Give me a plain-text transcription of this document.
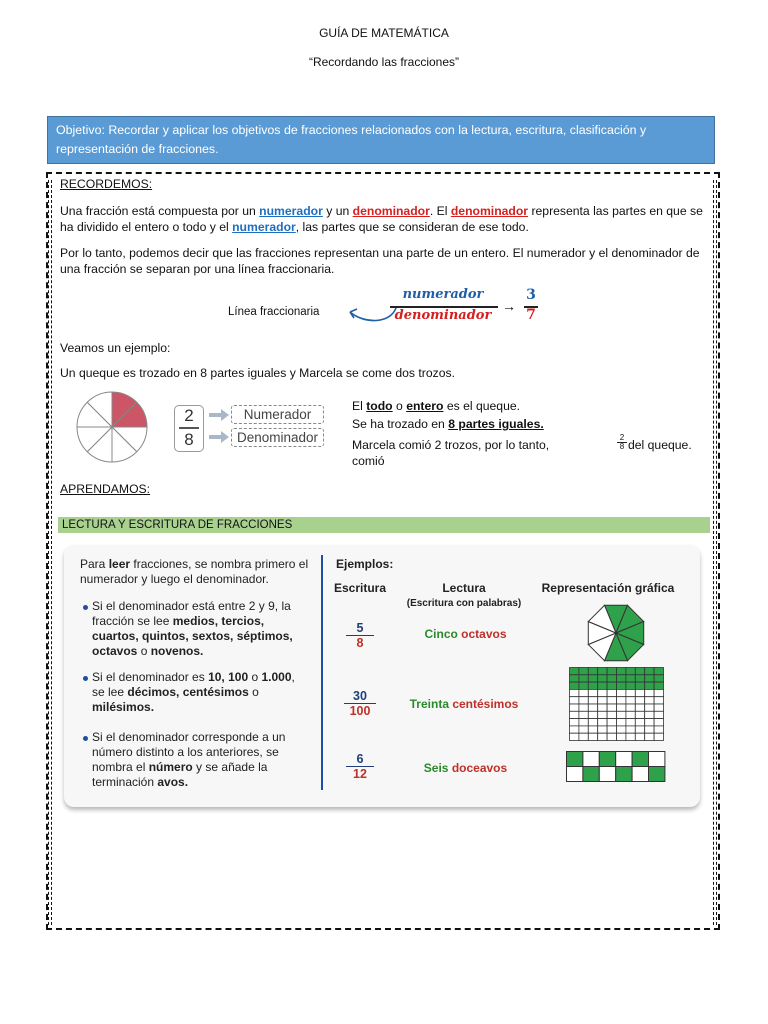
GUÍA DE MATEMÁTICA
“Recordando las fracciones”
Objetivo: Recordar y aplicar los objetivos de fracciones relacionados con la lectura, escritura, clasificación y representación de fracciones.
RECORDEMOS:
Una fracción está compuesta por un numerador y un denominador. El denominador representa las partes en que se ha dividido el entero o todo y el numerador, las partes que se consideran de ese todo.
Por lo tanto, podemos decir que las fracciones representan una parte de un entero. El numerador y el denominador de una fracción se separan por una línea fraccionaria.
Línea fraccionaria
numerador
denominador
→
3
7
Veamos un ejemplo:
Un queque es trozado en 8 partes iguales y Marcela se come dos trozos.
2
8
Numerador
Denominador
El todo o entero es el queque.
Se ha trozado en 8 partes iguales.
Marcela comió 2 trozos, por lo tanto, comió
2
8 del queque.
APRENDAMOS:
LECTURA Y ESCRITURA DE FRACCIONES
Para leer fracciones, se nombra primero el numerador y luego el denominador.
Si el denominador está entre 2 y 9, la fracción se lee medios, tercios, cuartos, quintos, sextos, séptimos, octavos o novenos.
Si el denominador es 10, 100 o 1.000, se lee décimos, centésimos o milésimos.
Si el denominador corresponde a un número distinto a los anteriores, se nombra el número y se añade la terminación avos.
Ejemplos:
Escritura	Lectura
(Escritura con palabras)
Representación gráfica
$\frac{5}{8}$	Cinco octavos
$\frac{30}{100}$	Treinta centésimos
$\frac{6}{12}$	Seis doceavos
